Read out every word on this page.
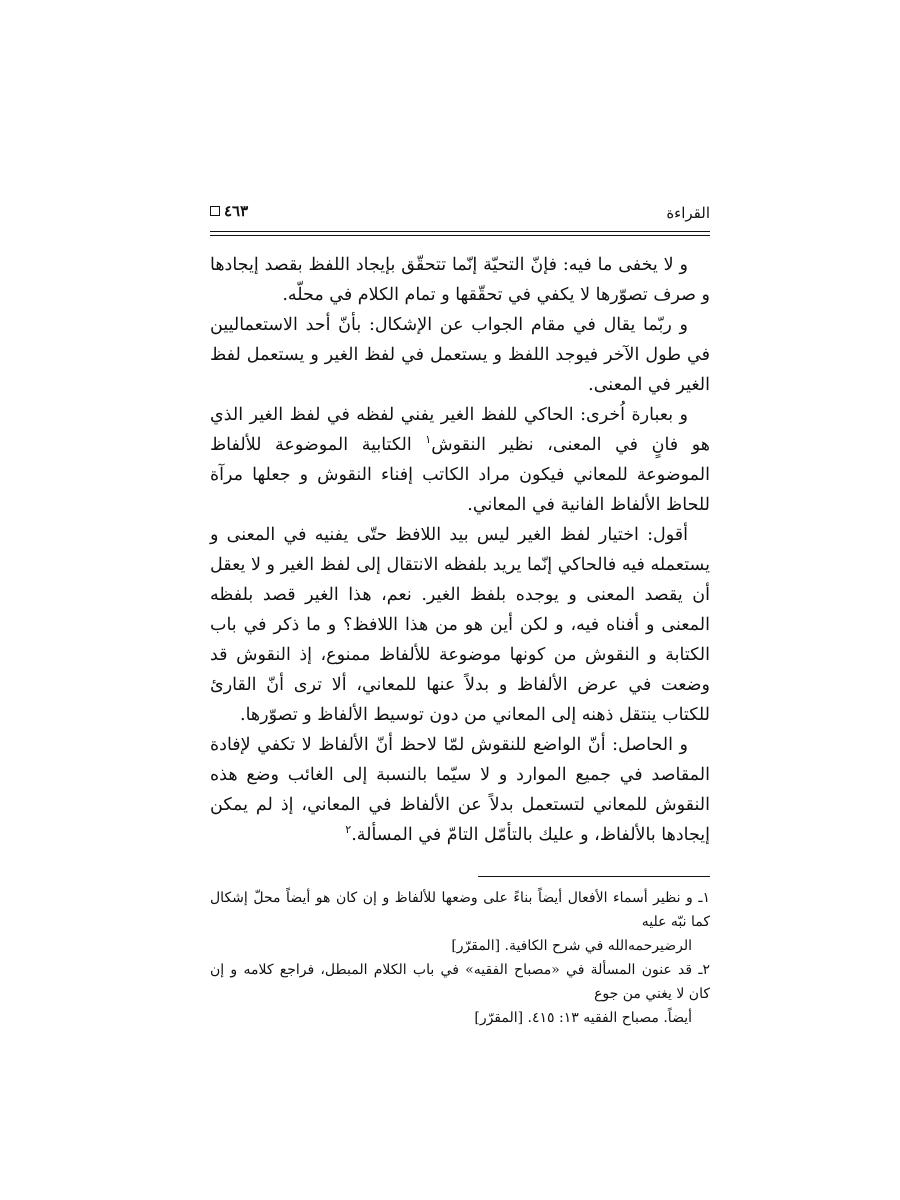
القراءة
٤٦٣

و لا يخفى ما فيه: فإنّ التحيّة إنّما تتحقّق بإيجاد اللفظ بقصد إيجادها و صرف تصوّرها لا يكفي في تحقّقها و تمام الكلام في محلّه.

و ربّما يقال في مقام الجواب عن الإشكال: بأنّ أحد الاستعماليين في طول الآخر فيوجد اللفظ و يستعمل في لفظ الغير و يستعمل لفظ الغير في المعنى.

و بعبارة اُخرى: الحاكي للفظ الغير يفني لفظه في لفظ الغير الذي هو فانٍ في المعنى، نظير النقوش$^١$ الكتابية الموضوعة للألفاظ الموضوعة للمعاني فيكون مراد الكاتب إفناء النقوش و جعلها مرآة للحاظ الألفاظ الفانية في المعاني.

أقول: اختيار لفظ الغير ليس بيد اللافظ حتّى يفنيه في المعنى و يستعمله فيه فالحاكي إنّما يريد بلفظه الانتقال إلى لفظ الغير و لا يعقل أن يقصد المعنى و يوجده بلفظ الغير. نعم، هذا الغير قصد بلفظه المعنى و أفناه فيه، و لكن أين هو من هذا اللافظ؟ و ما ذكر في باب الكتابة و النقوش من كونها موضوعة للألفاظ ممنوع، إذ النقوش قد وضعت في عرض الألفاظ و بدلاً عنها للمعاني، ألا ترى أنّ القارئ للكتاب ينتقل ذهنه إلى المعاني من دون توسيط الألفاظ و تصوّرها.

و الحاصل: أنّ الواضع للنقوش لمّا لاحظ أنّ الألفاظ لا تكفي لإفادة المقاصد في جميع الموارد و لا سيّما بالنسبة إلى الغائب وضع هذه النقوش للمعاني لتستعمل بدلاً عن الألفاظ في المعاني، إذ لم يمكن إيجادها بالألفاظ، و عليك بالتأمّل التامّ في المسألة.$^٢$

١ـ و نظير أسماء الأفعال أيضاً بناءً على وضعها للألفاظ و إن كان هو أيضاً محلّ إشكال كما نبّه عليه

الرضيرحمه‌الله في شرح الكافية. [المقرّر]

٢ـ قد عنون المسألة في «مصباح الفقيه» في باب الكلام المبطل، فراجع كلامه و إن كان لا يغني من جوع

أيضاً. مصباح الفقيه ١٣: ٤١٥. [المقرّر]
